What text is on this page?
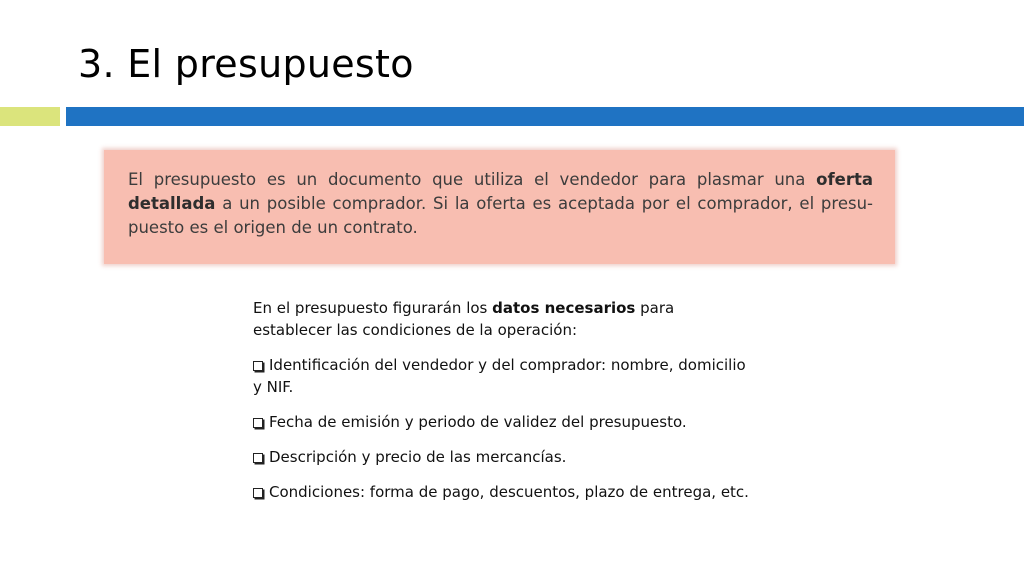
3. El presupuesto

El presupuesto es un documento que utiliza el vendedor para plasmar una oferta detallada a un posible comprador. Si la oferta es aceptada por el comprador, el presu- puesto es el origen de un contrato.

En el presupuesto figurarán los datos necesarios para establecer las condiciones de la operación:

Identificación del vendedor y del comprador: nombre, domicilio y NIF.

Fecha de emisión y periodo de validez del presupuesto.

Descripción y precio de las mercancías.

Condiciones: forma de pago, descuentos, plazo de entrega, etc.
